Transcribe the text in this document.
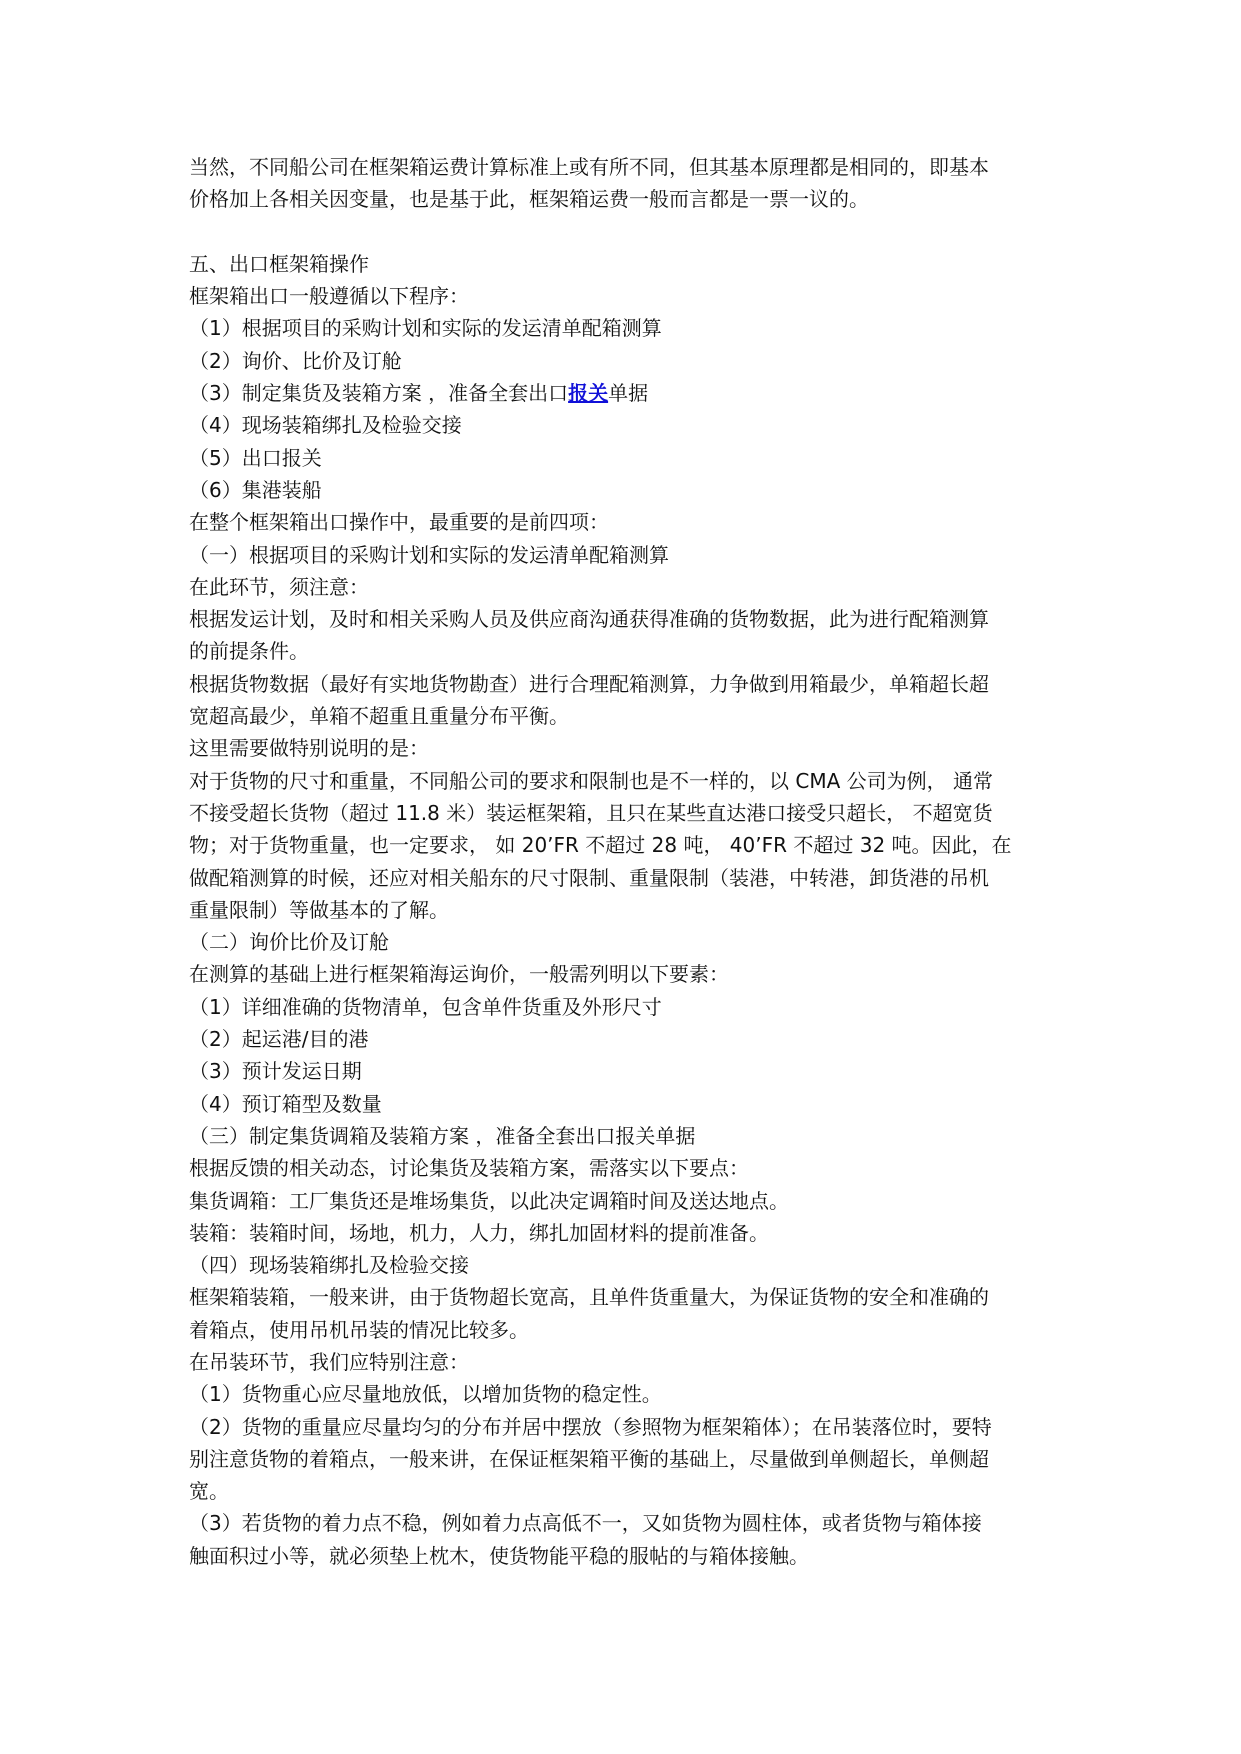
当然，不同船公司在框架箱运费计算标准上或有所不同，但其基本原理都是相同的，即基本
价格加上各相关因变量，也是基于此，框架箱运费一般而言都是一票一议的。
五、出口框架箱操作
框架箱出口一般遵循以下程序：
（1）根据项目的采购计划和实际的发运清单配箱测算
（2）询价、比价及订舱
（3）制定集货及装箱方案 ，准备全套出口报关单据
（4）现场装箱绑扎及检验交接
（5）出口报关
（6）集港装船
在整个框架箱出口操作中，最重要的是前四项：
（一）根据项目的采购计划和实际的发运清单配箱测算
在此环节，须注意：
根据发运计划，及时和相关采购人员及供应商沟通获得准确的货物数据，此为进行配箱测算
的前提条件。
根据货物数据（最好有实地货物勘查）进行合理配箱测算，力争做到用箱最少，单箱超长超
宽超高最少，单箱不超重且重量分布平衡。
这里需要做特别说明的是：
对于货物的尺寸和重量，不同船公司的要求和限制也是不一样的，以 CMA 公司为例， 通常
不接受超长货物（超过 11.8 米）装运框架箱，且只在某些直达港口接受只超长， 不超宽货
物；对于货物重量，也一定要求， 如 20’FR 不超过 28 吨， 40’FR 不超过 32 吨。因此，在
做配箱测算的时候，还应对相关船东的尺寸限制、重量限制（装港，中转港，卸货港的吊机
重量限制）等做基本的了解。
（二）询价比价及订舱
在测算的基础上进行框架箱海运询价，一般需列明以下要素：
（1）详细准确的货物清单，包含单件货重及外形尺寸
（2）起运港/目的港
（3）预计发运日期
（4）预订箱型及数量
（三）制定集货调箱及装箱方案 ，准备全套出口报关单据
根据反馈的相关动态，讨论集货及装箱方案，需落实以下要点：
集货调箱：工厂集货还是堆场集货，以此决定调箱时间及送达地点。
装箱：装箱时间，场地，机力，人力，绑扎加固材料的提前准备。
（四）现场装箱绑扎及检验交接
框架箱装箱，一般来讲，由于货物超长宽高，且单件货重量大，为保证货物的安全和准确的
着箱点，使用吊机吊装的情况比较多。
在吊装环节，我们应特别注意：
（1）货物重心应尽量地放低，以增加货物的稳定性。
（2）货物的重量应尽量均匀的分布并居中摆放（参照物为框架箱体）；在吊装落位时，要特
别注意货物的着箱点，一般来讲，在保证框架箱平衡的基础上，尽量做到单侧超长，单侧超
宽。
（3）若货物的着力点不稳，例如着力点高低不一，又如货物为圆柱体，或者货物与箱体接
触面积过小等，就必须垫上枕木，使货物能平稳的服帖的与箱体接触。
